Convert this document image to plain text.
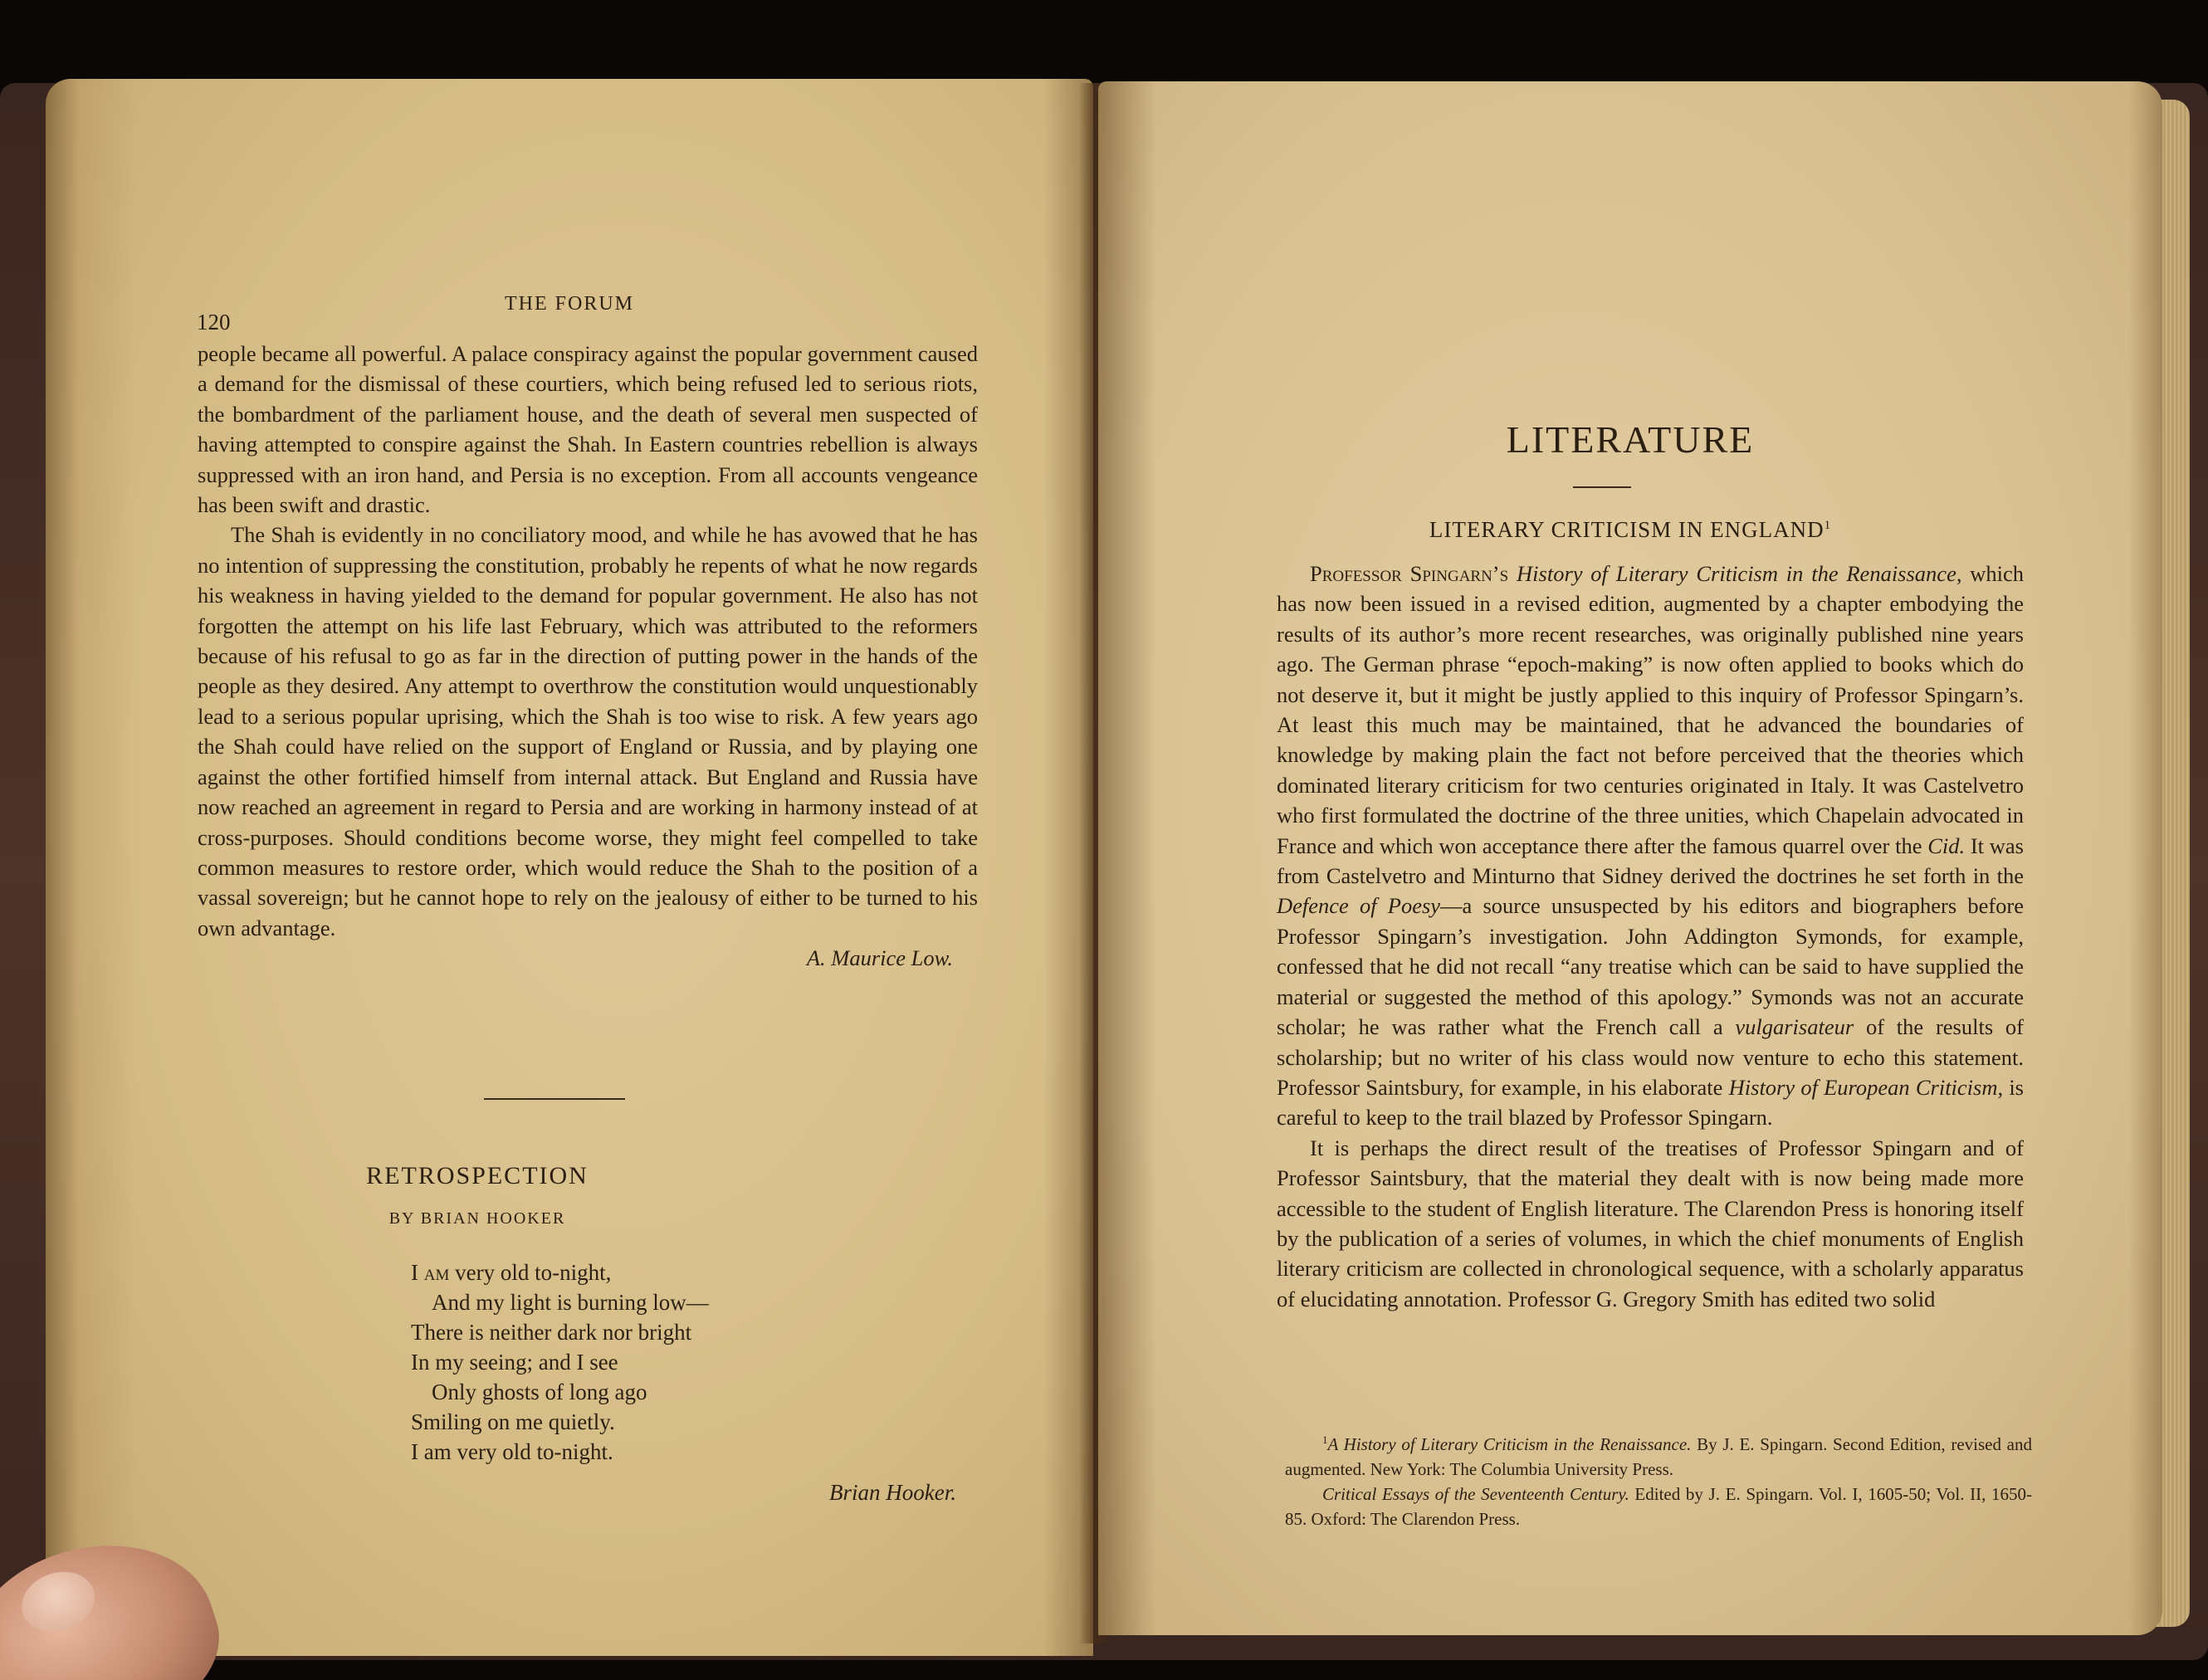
THE FORUM
120

people became all powerful. A palace conspiracy against the popular government caused a demand for the dismissal of these courtiers, which being refused led to serious riots, the bombardment of the parliament house, and the death of several men suspected of having attempted to conspire against the Shah. In Eastern countries rebellion is always suppressed with an iron hand, and Persia is no exception. From all accounts vengeance has been swift and drastic.

The Shah is evidently in no conciliatory mood, and while he has avowed that he has no intention of suppressing the constitution, probably he repents of what he now regards his weakness in having yielded to the demand for popular government. He also has not forgotten the attempt on his life last February, which was attributed to the reformers because of his refusal to go as far in the direction of putting power in the hands of the people as they desired. Any attempt to overthrow the constitution would unquestionably lead to a serious popular uprising, which the Shah is too wise to risk. A few years ago the Shah could have relied on the support of England or Russia, and by playing one against the other fortified himself from internal attack. But England and Russia have now reached an agreement in regard to Persia and are working in harmony instead of at cross-purposes. Should conditions become worse, they might feel compelled to take common measures to restore order, which would reduce the Shah to the position of a vassal sovereign; but he cannot hope to rely on the jealousy of either to be turned to his own advantage.

A. Maurice Low.

RETROSPECTION
BY BRIAN HOOKER
I am very old to-night,
And my light is burning low—
There is neither dark nor bright
In my seeing; and I see
Only ghosts of long ago
Smiling on me quietly.
I am very old to-night.
Brian Hooker.
LITERATURE
LITERARY CRITICISM IN ENGLAND$^1$

Professor Spingarn’s History of Literary Criticism in the Renaissance, which has now been issued in a revised edition, augmented by a chapter embodying the results of its author’s more recent researches, was originally published nine years ago. The German phrase “epoch-making” is now often applied to books which do not deserve it, but it might be justly applied to this inquiry of Professor Spingarn’s. At least this much may be maintained, that he advanced the boundaries of knowledge by making plain the fact not before perceived that the theories which dominated literary criticism for two centuries originated in Italy. It was Castelvetro who first formulated the doctrine of the three unities, which Chapelain advocated in France and which won acceptance there after the famous quarrel over the Cid. It was from Castelvetro and Minturno that Sidney derived the doctrines he set forth in the Defence of Poesy—a source unsuspected by his editors and biographers before Professor Spingarn’s investigation. John Addington Symonds, for example, confessed that he did not recall “any treatise which can be said to have supplied the material or suggested the method of this apology.” Symonds was not an accurate scholar; he was rather what the French call a vulgarisateur of the results of scholarship; but no writer of his class would now venture to echo this statement. Professor Saintsbury, for example, in his elaborate History of European Criticism, is careful to keep to the trail blazed by Professor Spingarn.

It is perhaps the direct result of the treatises of Professor Spingarn and of Professor Saintsbury, that the material they dealt with is now being made more accessible to the student of English literature. The Clarendon Press is honoring itself by the publication of a series of volumes, in which the chief monuments of English literary criticism are collected in chronological sequence, with a scholarly apparatus of elucidating annotation. Professor G. Gregory Smith has edited two solid

$^1$A History of Literary Criticism in the Renaissance. By J. E. Spingarn. Second Edition, revised and augmented. New York: The Columbia University Press.

Critical Essays of the Seventeenth Century. Edited by J. E. Spingarn. Vol. I, 1605-50; Vol. II, 1650-85. Oxford: The Clarendon Press.
